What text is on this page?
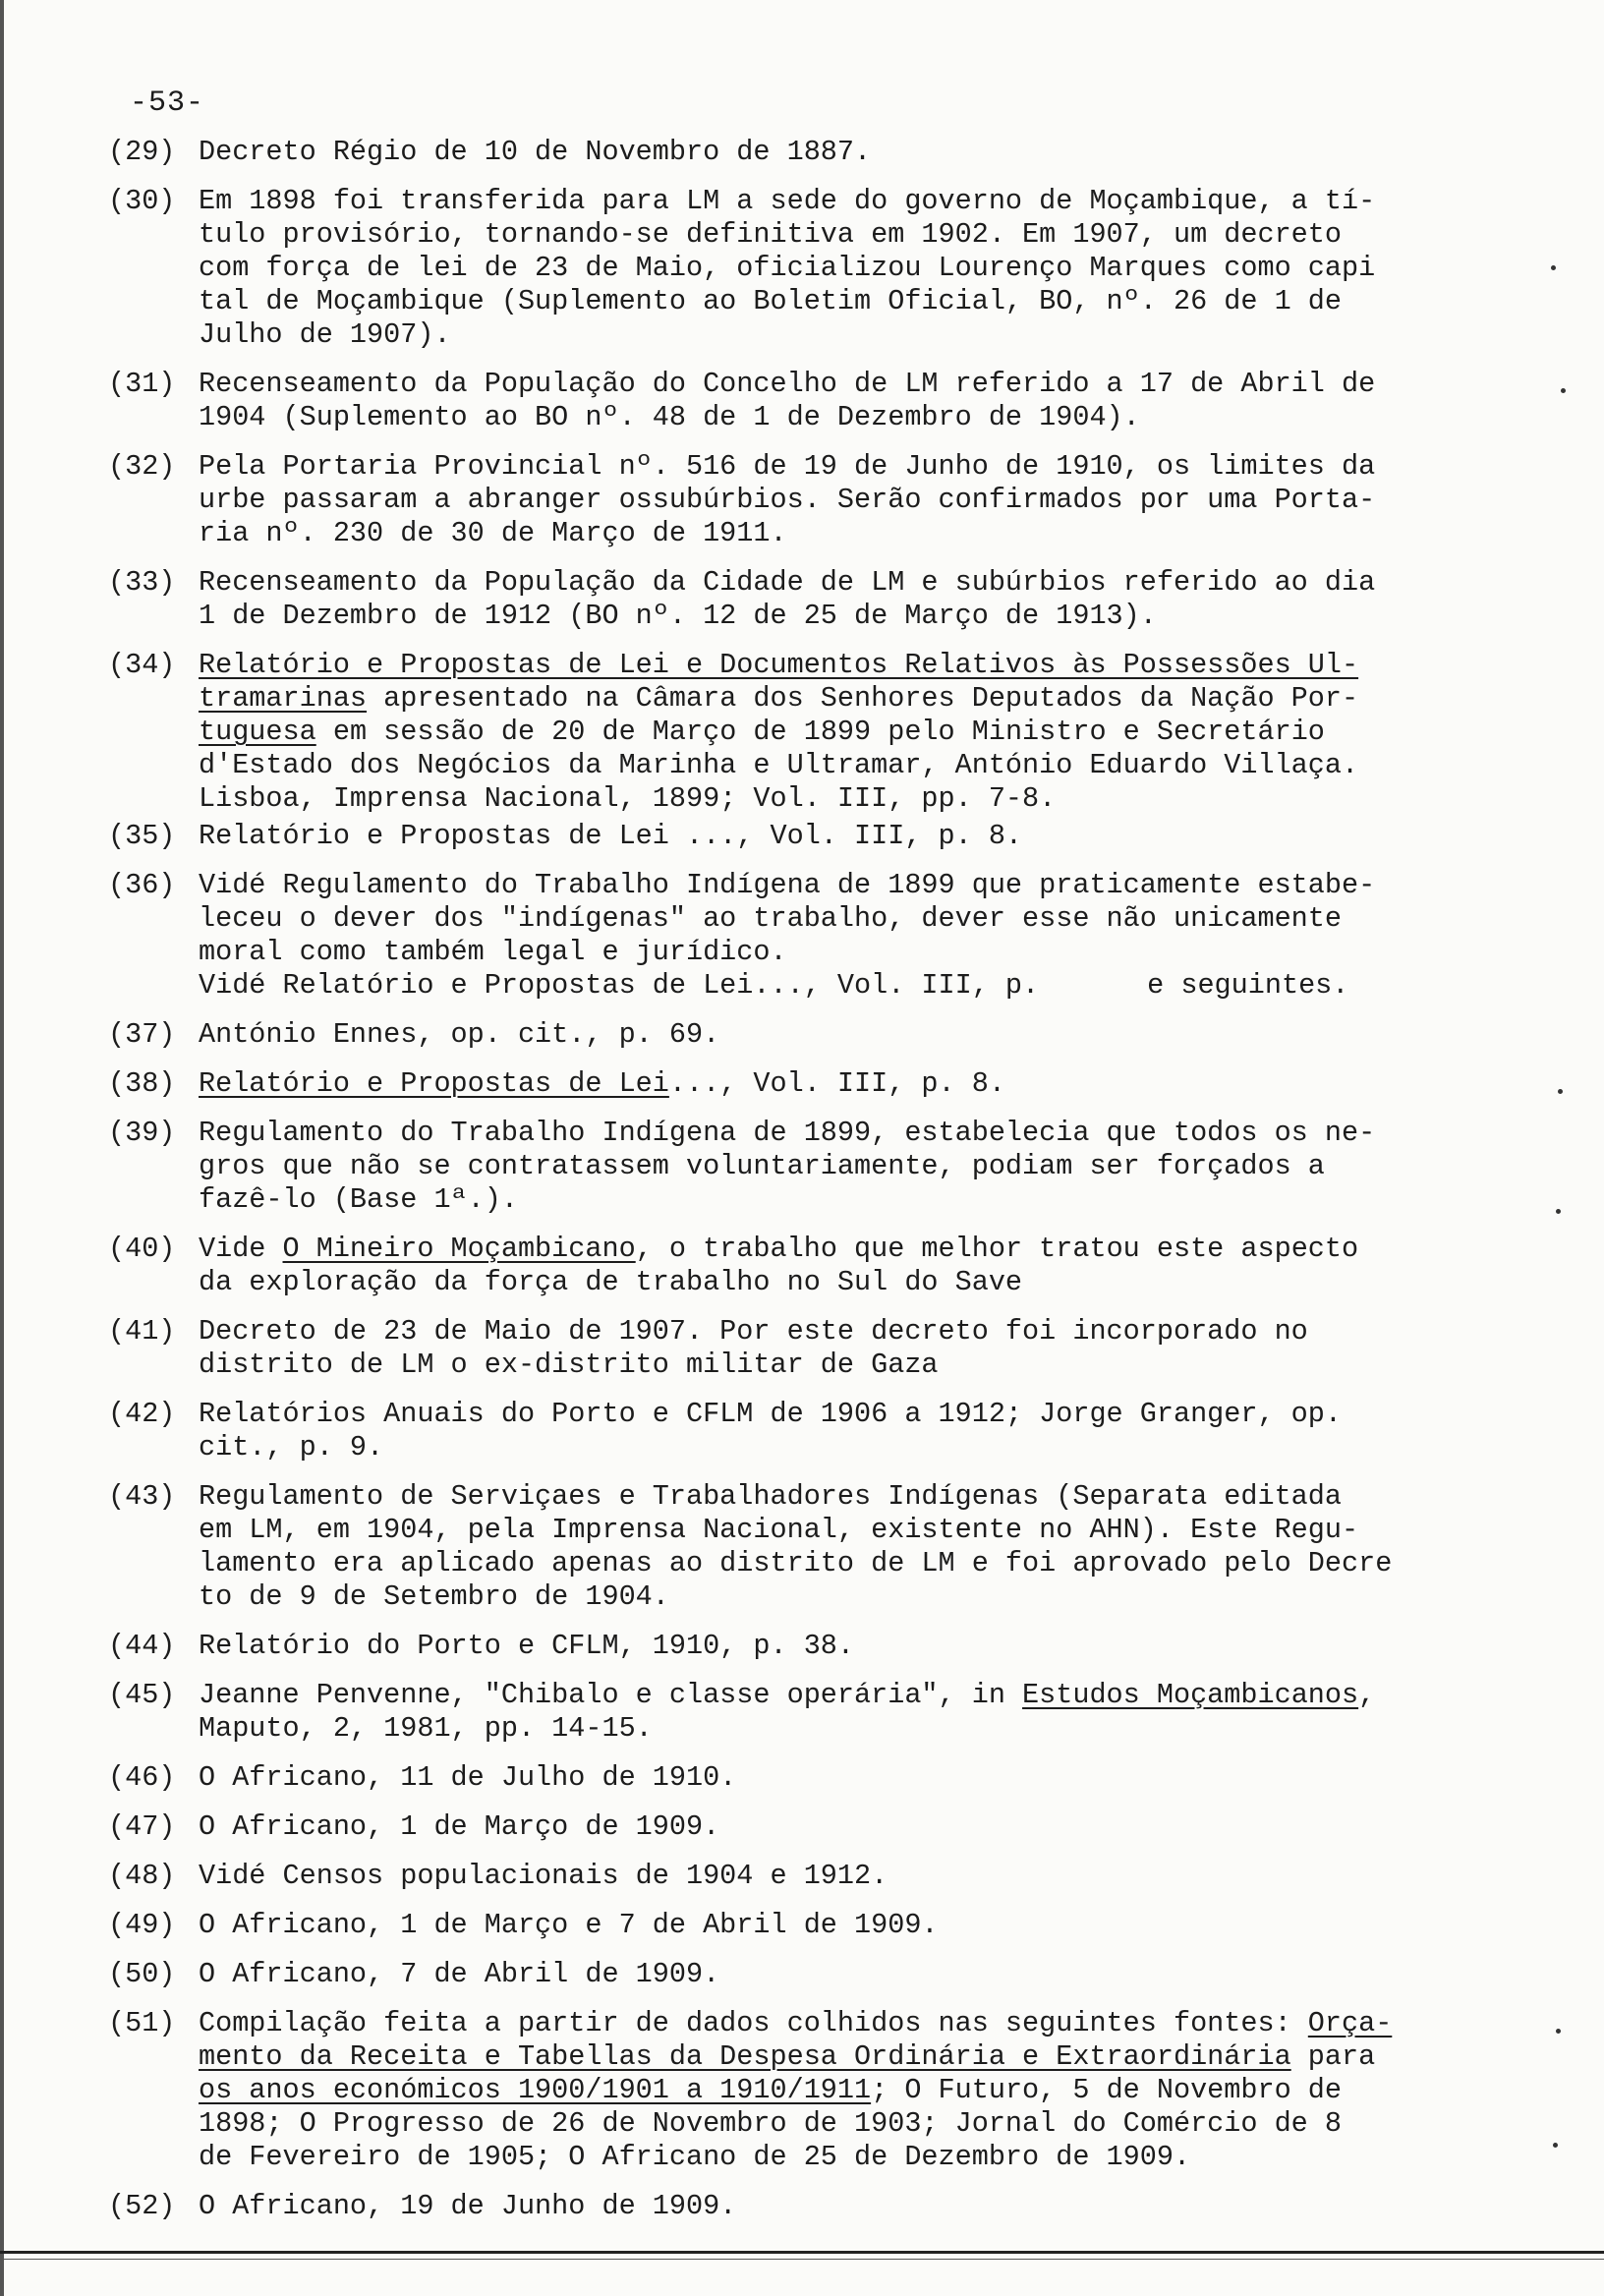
-53-
(29) Decreto Régio de 10 de Novembro de 1887.
(30) Em 1898 foi transferida para LM a sede do governo de Moçambique, a tí-
tulo provisório, tornando-se definitiva em 1902. Em 1907, um decreto
com força de lei de 23 de Maio, oficializou Lourenço Marques como capi
tal de Moçambique (Suplemento ao Boletim Oficial, BO, nº. 26 de 1 de
Julho de 1907).
(31) Recenseamento da População do Concelho de LM referido a 17 de Abril de
1904 (Suplemento ao BO nº. 48 de 1 de Dezembro de 1904).
(32) Pela Portaria Provincial nº. 516 de 19 de Junho de 1910, os limites da
urbe passaram a abranger ossubúrbios. Serão confirmados por uma Porta-
ria nº. 230 de 30 de Março de 1911.
(33) Recenseamento da População da Cidade de LM e subúrbios referido ao dia
1 de Dezembro de 1912 (BO nº. 12 de 25 de Março de 1913).
(34) Relatório e Propostas de Lei e Documentos Relativos às Possessões Ul-
tramarinas apresentado na Câmara dos Senhores Deputados da Nação Por-
tuguesa em sessão de 20 de Março de 1899 pelo Ministro e Secretário
d'Estado dos Negócios da Marinha e Ultramar, António Eduardo Villaça.
Lisboa, Imprensa Nacional, 1899; Vol. III, pp. 7-8.
(35) Relatório e Propostas de Lei ..., Vol. III, p. 8.
(36) Vidé Regulamento do Trabalho Indígena de 1899 que praticamente estabe-
leceu o dever dos "indígenas" ao trabalho, dever esse não unicamente
moral como também legal e jurídico.
Vidé Relatório e Propostas de Lei..., Vol. III, p.	e seguintes.
(37) António Ennes, op. cit., p. 69.
(38) Relatório e Propostas de Lei..., Vol. III, p. 8.
(39) Regulamento do Trabalho Indígena de 1899, estabelecia que todos os ne-
gros que não se contratassem voluntariamente, podiam ser forçados a
fazê-lo (Base 1ª.).
(40) Vide O Mineiro Moçambicano, o trabalho que melhor tratou este aspecto
da exploração da força de trabalho no Sul do Save
(41) Decreto de 23 de Maio de 1907. Por este decreto foi incorporado no
distrito de LM o ex-distrito militar de Gaza
(42) Relatórios Anuais do Porto e CFLM de 1906 a 1912; Jorge Granger, op.
cit., p. 9.
(43) Regulamento de Serviçaes e Trabalhadores Indígenas (Separata editada
em LM, em 1904, pela Imprensa Nacional, existente no AHN). Este Regu-
lamento era aplicado apenas ao distrito de LM e foi aprovado pelo Decre
to de 9 de Setembro de 1904.
(44) Relatório do Porto e CFLM, 1910, p. 38.
(45) Jeanne Penvenne, "Chibalo e classe operária", in Estudos Moçambicanos,
Maputo, 2, 1981, pp. 14-15.
(46) O Africano, 11 de Julho de 1910.
(47) O Africano, 1 de Março de 1909.
(48) Vidé Censos populacionais de 1904 e 1912.
(49) O Africano, 1 de Março e 7 de Abril de 1909.
(50) O Africano, 7 de Abril de 1909.
(51) Compilação feita a partir de dados colhidos nas seguintes fontes: Orça-
mento da Receita e Tabellas da Despesa Ordinária e Extraordinária para
os anos económicos 1900/1901 a 1910/1911; O Futuro, 5 de Novembro de
1898; O Progresso de 26 de Novembro de 1903; Jornal do Comércio de 8
de Fevereiro de 1905; O Africano de 25 de Dezembro de 1909.
(52) O Africano, 19 de Junho de 1909.
